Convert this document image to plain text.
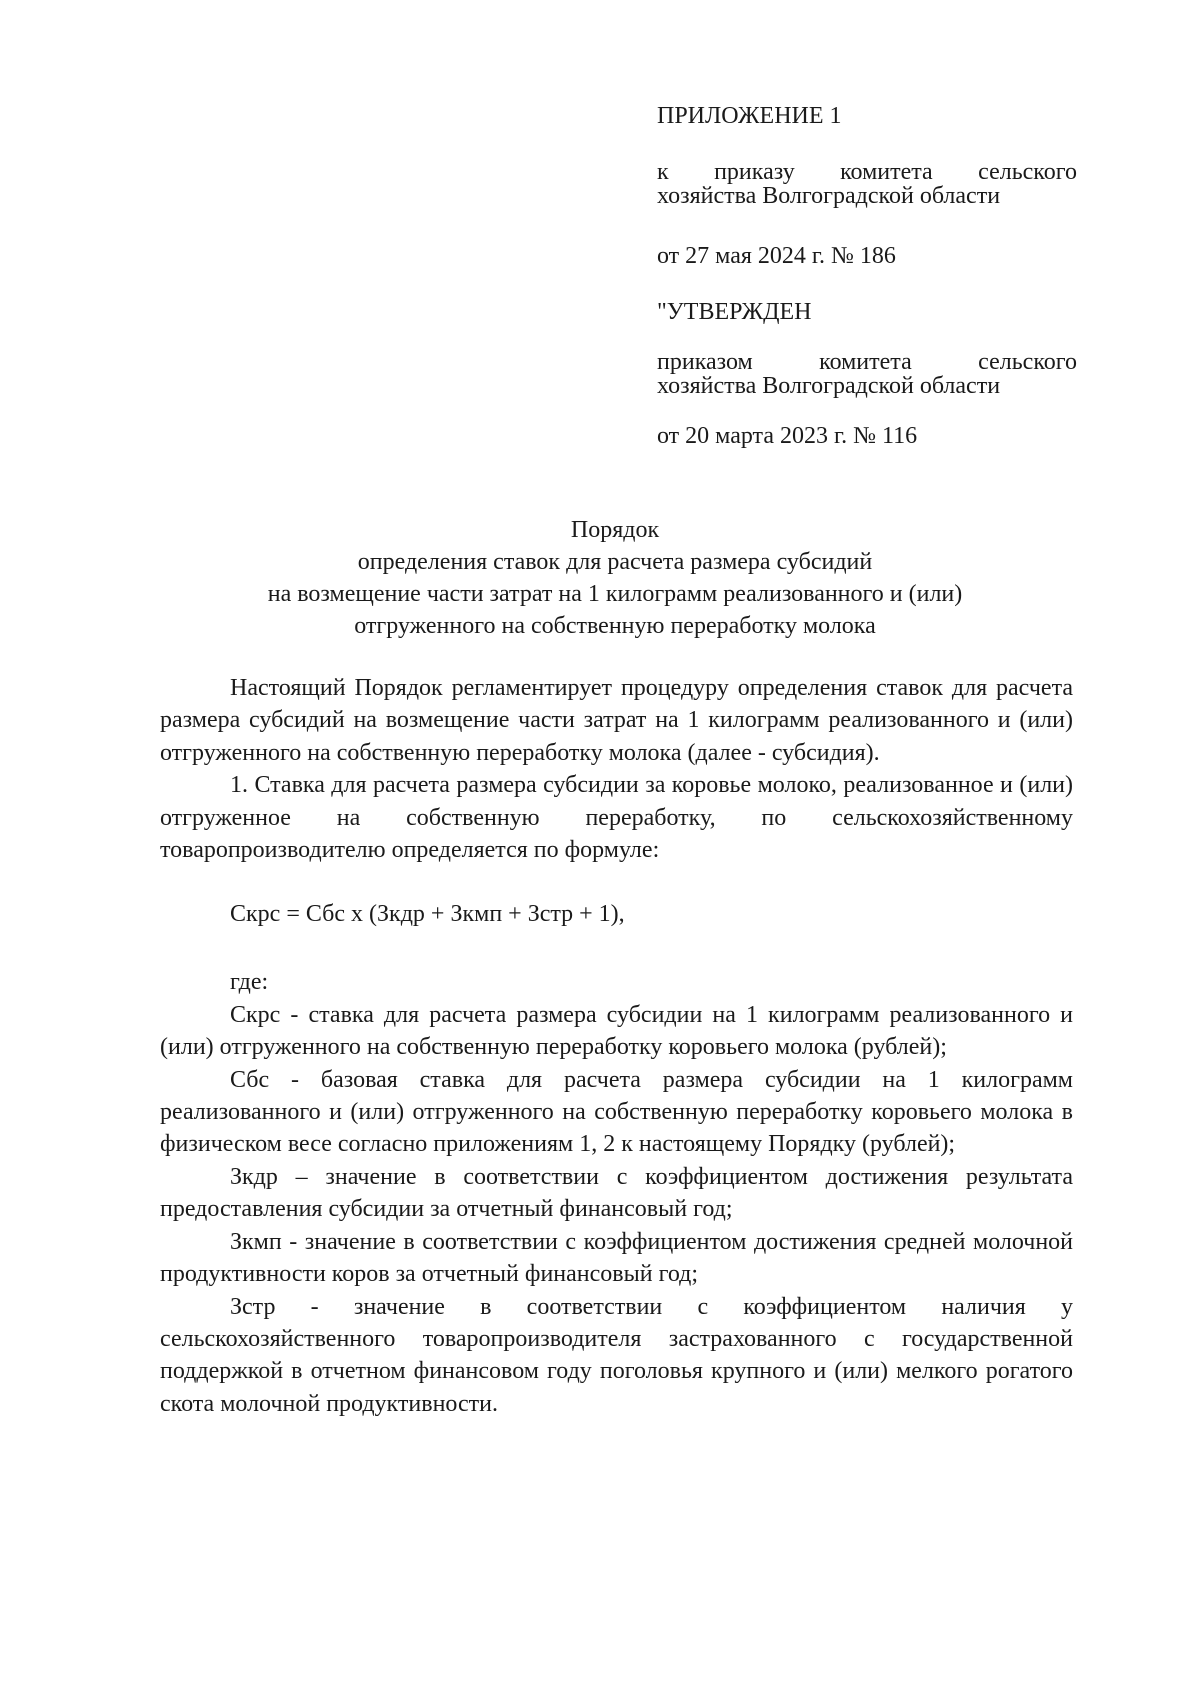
ПРИЛОЖЕНИЕ 1
к приказу комитета сельского
хозяйства Волгоградской области
от 27 мая 2024 г. № 186
"УТВЕРЖДЕН
приказом комитета сельского
хозяйства Волгоградской области
от 20 марта 2023 г. № 116
Порядок
определения ставок для расчета размера субсидий
на возмещение части затрат на 1 килограмм реализованного и (или)
отгруженного на собственную переработку молока

Настоящий Порядок регламентирует процедуру определения ставок для расчета размера субсидий на возмещение части затрат на 1 килограмм реализованного и (или) отгруженного на собственную переработку молока (далее - субсидия).

1. Ставка для расчета размера субсидии за коровье молоко, реализованное и (или) отгруженное на собственную переработку, по сельскохозяйственному товаропроизводителю определяется по формуле:

Скрс = Сбс х (Зкдр + Зкмп + Зстр + 1),

где:

Скрс - ставка для расчета размера субсидии на 1 килограмм реализованного и (или) отгруженного на собственную переработку коровьего молока (рублей);

Сбс - базовая ставка для расчета размера субсидии на 1 килограмм реализованного и (или) отгруженного на собственную переработку коровьего молока в физическом весе согласно приложениям 1, 2 к настоящему Порядку (рублей);

Зкдр – значение в соответствии с коэффициентом достижения результата предоставления субсидии за отчетный финансовый год;

Зкмп - значение в соответствии с коэффициентом достижения средней молочной продуктивности коров за отчетный финансовый год;

Зстр - значение в соответствии с коэффициентом наличия у сельскохозяйственного товаропроизводителя застрахованного с государственной поддержкой в отчетном финансовом году поголовья крупного и (или) мелкого рогатого скота молочной продуктивности.
